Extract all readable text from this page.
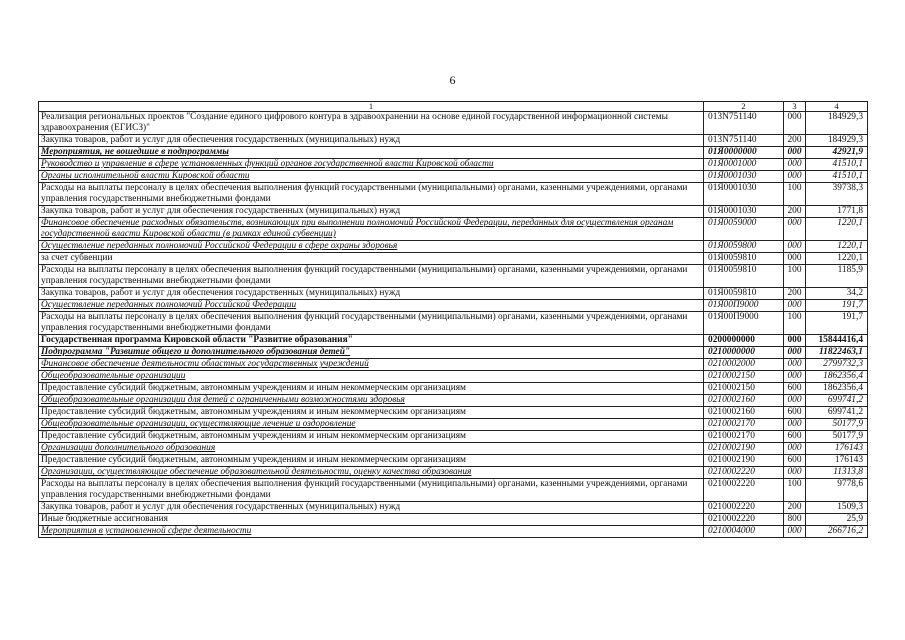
6
1	2	3	4
Реализация региональных проектов "Создание единого цифрового контура в здравоохранении на основе единой государственной информационной системы здравоохранения (ЕГИСЗ)"	013N751140	000	184929,3
Закупка товаров, работ и услуг для обеспечения государственных (муниципальных) нужд	013N751140	200	184929,3
Мероприятия, не вошедшие в подпрограммы	01Я0000000	000	42921,9
Руководство и управление в сфере установленных функций органов государственной власти Кировской области	01Я0001000	000	41510,1
Органы исполнительной власти Кировской области	01Я0001030	000	41510,1
Расходы на выплаты персоналу в целях обеспечения выполнения функций государственными (муниципальными) органами, казенными учреждениями, органами управления государственными внебюджетными фондами	01Я0001030	100	39738,3
Закупка товаров, работ и услуг для обеспечения государственных (муниципальных) нужд	01Я0001030	200	1771,8
Финансовое обеспечение расходных обязательств, возникающих при выполнении полномочий Российской Федерации, переданных для осуществления органам государственной власти Кировской области (в рамках единой субвенции)	01Я0059000	000	1220,1
Осуществление переданных полномочий Российской Федерации в сфере охраны здоровья	01Я0059800	000	1220,1
за счет субвенции	01Я0059810	000	1220,1
Расходы на выплаты персоналу в целях обеспечения выполнения функций государственными (муниципальными) органами, казенными учреждениями, органами управления государственными внебюджетными фондами	01Я0059810	100	1185,9
Закупка товаров, работ и услуг для обеспечения государственных (муниципальных) нужд	01Я0059810	200	34,2
Осуществление переданных полномочий Российской Федерации	01Я00П9000	000	191,7
Расходы на выплаты персоналу в целях обеспечения выполнения функций государственными (муниципальными) органами, казенными учреждениями, органами управления государственными внебюджетными фондами	01Я00П9000	100	191,7
Государственная программа Кировской области "Развитие образования"	0200000000	000	15844416,4
Подпрограмма "Развитие общего и дополнительного образования детей"	0210000000	000	11822463,1
Финансовое обеспечение деятельности областных государственных учреждений	0210002000	000	2799732,3
Общеобразовательные организации	0210002150	000	1862356,4
Предоставление субсидий бюджетным, автономным учреждениям и иным некоммерческим организациям	0210002150	600	1862356,4
Общеобразовательные организации для детей с ограниченными возможностями здоровья	0210002160	000	699741,2
Предоставление субсидий бюджетным, автономным учреждениям и иным некоммерческим организациям	0210002160	600	699741,2
Общеобразовательные организации, осуществляющие лечение и оздоровление	0210002170	000	50177,9
Предоставление субсидий бюджетным, автономным учреждениям и иным некоммерческим организациям	0210002170	600	50177,9
Организации дополнительного образования	0210002190	000	176143
Предоставление субсидий бюджетным, автономным учреждениям и иным некоммерческим организациям	0210002190	600	176143
Организации, осуществляющие обеспечение образовательной деятельности, оценку качества образования	0210002220	000	11313,8
Расходы на выплаты персоналу в целях обеспечения выполнения функций государственными (муниципальными) органами, казенными учреждениями, органами управления государственными внебюджетными фондами	0210002220	100	9778,6
Закупка товаров, работ и услуг для обеспечения государственных (муниципальных) нужд	0210002220	200	1509,3
Иные бюджетные ассигнования	0210002220	800	25,9
Мероприятия в установленной сфере деятельности	0210004000	000	266716,2
